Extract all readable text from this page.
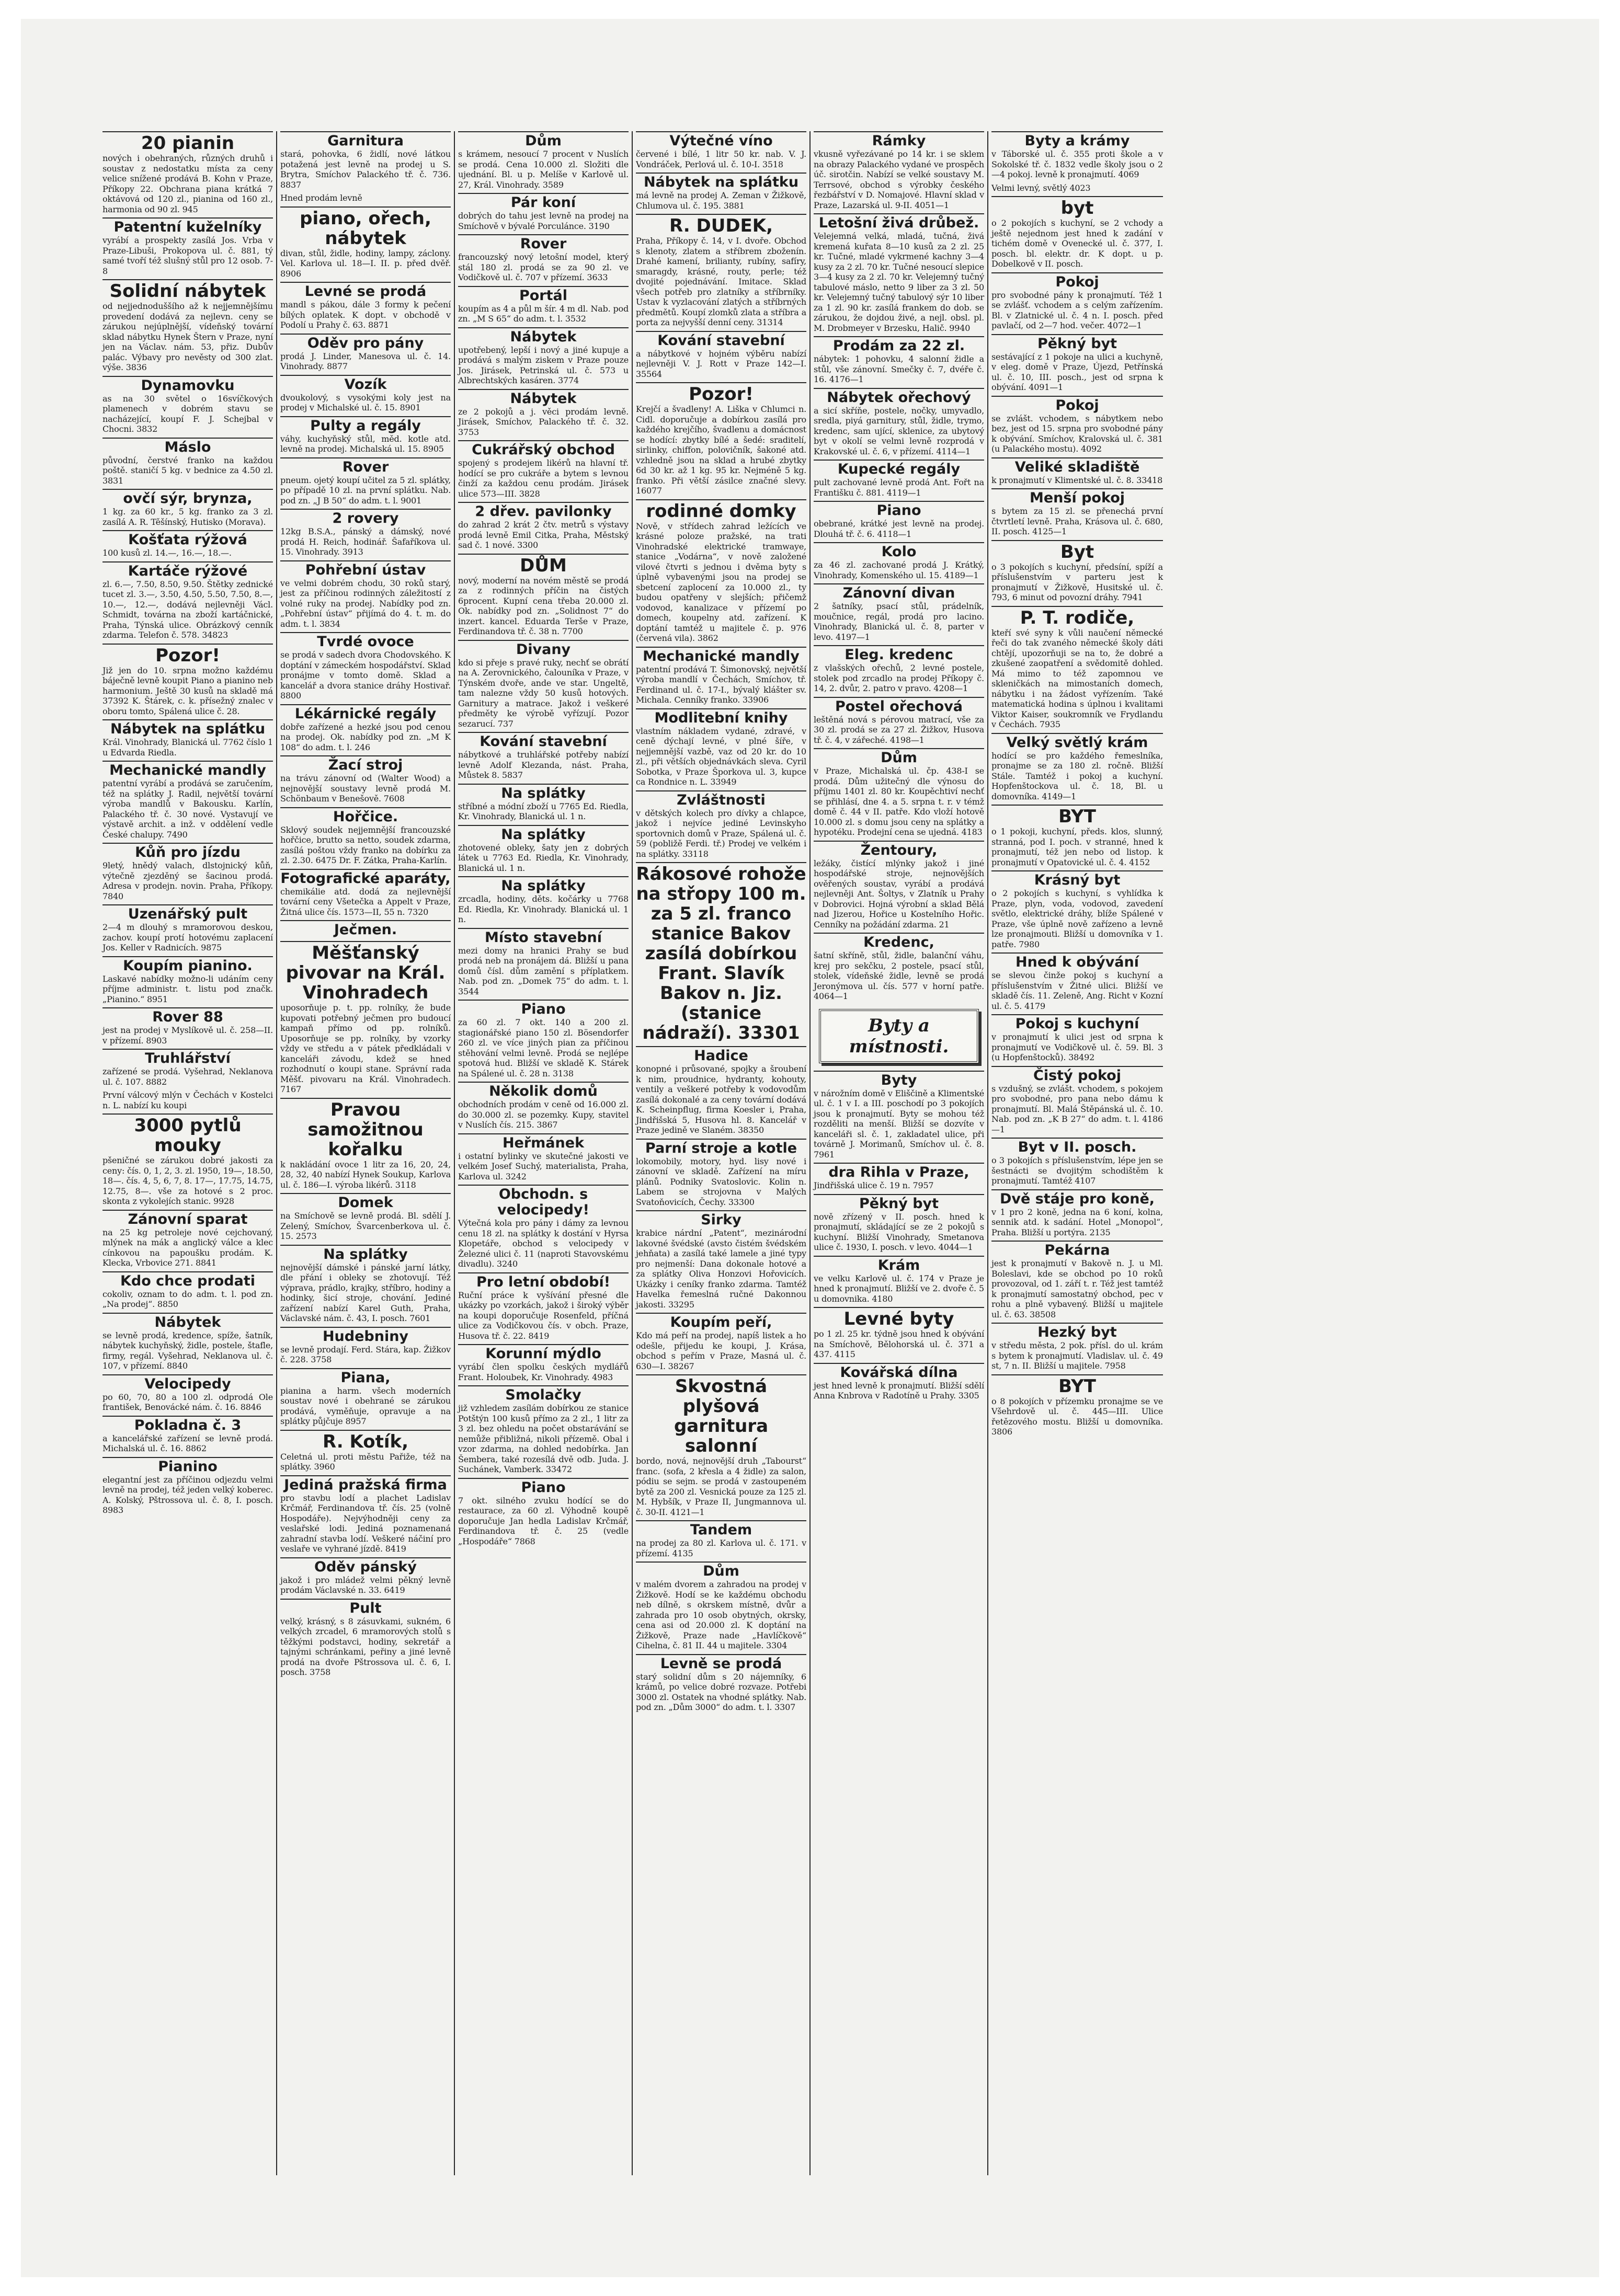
20 pianin

nových i obehraných, různých druhů i soustav z nedostatku místa za ceny velice snížené prodává B. Kohn v Praze, Příkopy 22. Obchrana piana krátká 7 oktávová od 120 zl., pianina od 160 zl., harmonia od 90 zl. 945

Patentní kuželníky

vyrábí a prospekty zasílá Jos. Vrba v Praze-Libuši, Prokopova ul. č. 881, tý samé tvoří též slušný stůl pro 12 osob. 7-8

Solidní nábytek

od nejjednoduššího až k nejjemnějšímu provedení dodává za nejlevn. ceny se zárukou nejúplnější, vídeňský tovární sklad nábytku Hynek Štern v Praze, nyní jen na Václav. nám. 53, přiz. Dubův palác. Výbavy pro nevěsty od 300 zlat. výše. 3836

Dynamovku

as na 30 světel o 16svíčkových plamenech v dobrém stavu se nacházející, koupí F. J. Schejbal v Chocni. 3832

Máslo

původní, čerstvé franko na každou poště. staničí 5 kg. v bednice za 4.50 zl. 3831

ovčí sýr, brynza,

1 kg. za 60 kr., 5 kg. franko za 3 zl. zasílá A. R. Těšínský, Hutisko (Morava).

Košťata rýžová

100 kusů zl. 14.—, 16.—, 18.—.

Kartáče rýžové

zl. 6.—, 7.50, 8.50, 9.50. Štětky zednické tucet zl. 3.—, 3.50, 4.50, 5.50, 7.50, 8.—, 10.—, 12.—, dodává nejlevněji Václ. Schmidt, továrna na zboží kartáčnické, Praha, Týnská ulice. Obrázkový cenník zdarma. Telefon č. 578. 34823

Pozor!

Již jen do 10. srpna možno každému báječně levně koupit Piano a pianino neb harmonium. Ještě 30 kusů na skladě má 37392 K. Štárek, c. k. přísežný znalec v oboru tomto, Spálená ulice č. 28.

Nábytek na splátku

Král. Vinohrady, Blanická ul. 7762 číslo 1 u Edvarda Riedla.

Mechanické mandly

patentní vyrábí a prodává se zaručením, též na splátky J. Radil, největší tovární výroba mandlů v Bakousku. Karlín, Palackého tř. č. 30 nové. Vystavují ve výstavě archit. a inž. v oddělení vedle České chalupy. 7490

Kůň pro jízdu

9letý, hnědý valach, dlstojnický kůň, výtečně zjezděný se šacinou prodá. Adresa v prodejn. novin. Praha, Příkopy. 7840

Uzenářský pult

2—4 m dlouhý s mramorovou deskou, zachov. koupí protí hotovému zaplacení Jos. Keller v Radnicích. 9875

Koupím pianino.

Laskavé nabídky možno-li udáním ceny příjme administr. t. listu pod značk. „Pianino.“ 8951

Rover 88

jest na prodej v Myslíkově ul. č. 258—II. v přízemí. 8903

Truhlářství

zařízené se prodá. Vyšehrad, Neklanova ul. č. 107. 8882

První válcový mlýn v Čechách v Kostelci n. L. nabízí ku koupi

3000 pytlů mouky

pšeničné se zárukou dobré jakosti za ceny: čís. 0, 1, 2, 3. zl. 1950, 19—, 18.50, 18—. čís. 4, 5, 6, 7, 8. 17—, 17.75, 14.75, 12.75, 8—. vše za hotové s 2 proc. skonta z vykolejích stanic. 9928

Zánovní sparat

na 25 kg petroleje nové cejchovaný, mlýnek na mák a anglický válce a klec cínkovou na papoušku prodám. K. Klecka, Vrbovice 271. 8841

Kdo chce prodati

cokoliv, oznam to do adm. t. l. pod zn. „Na prodej“. 8850

Nábytek

se levně prodá, kredence, spíže, šatník, nábytek kuchyňský, židle, postele, štafle, firmy, regál. Vyšehrad, Neklanova ul. č. 107, v přízemí. 8840

Velocipedy

po 60, 70, 80 a 100 zl. odprodá Ole františek, Benovácké nám. č. 16. 8846

Pokladna č. 3

a kancelářské zařízení se levně prodá. Michalská ul. č. 16. 8862

Pianino

elegantní jest za příčinou odjezdu velmi levně na prodej, též jeden velký koberec. A. Kolský, Pštrossova ul. č. 8, I. posch. 8983

Garnitura

stará, pohovka, 6 židlí, nové látkou potažená jest levně na prodej u S. Brytra, Smíchov Palackého tř. č. 736. 8837

Hned prodám levně

piano, ořech, nábytek

divan, stůl, židle, hodiny, lampy, záclony. Vel. Karlova ul. 18—I. II. p. před dvěř. 8906

Levné se prodá

mandl s pákou, dále 3 formy k pečení bílých oplatek. K dopt. v obchodě v Podolí u Prahy č. 63. 8871

Oděv pro pány

prodá J. Linder, Manesova ul. č. 14. Vinohrady. 8877

Vozík

dvoukolový, s vysokými koly jest na prodej v Michalské ul. č. 15. 8901

Pulty a regály

váhy, kuchyňský stůl, měd. kotle atd. levně na prodej. Michalská ul. 15. 8905

Rover

pneum. ojetý koupí učitel za 5 zl. splátky, po případě 10 zl. na první splátku. Nab. pod zn. „J B 50“ do adm. t. l. 9001

2 rovery

12kg B.S.A., pánský a dámský, nové prodá H. Reich, hodinář. Šafaříkova ul. 15. Vinohrady. 3913

Pohřební ústav

ve velmi dobrém chodu, 30 roků starý, jest za příčinou rodinných záležitostí z volné ruky na prodej. Nabídky pod zn. „Pohřební ústav“ přijímá do 4. t. m. do adm. t. l. 3834

Tvrdé ovoce

se prodá v sadech dvora Chodovského. K doptání v zámeckém hospodářství. Sklad pronájme v tomto domě. Sklad a kancelář a dvora stanice dráhy Hostivař. 8800

Lékárnické regály

dobře zařízené a hezké jsou pod cenou na prodej. Ok. nabídky pod zn. „M K 108“ do adm. t. l. 246

Žací stroj

na trávu zánovní od (Walter Wood) a nejnovější soustavy levně prodá M. Schönbaum v Benešově. 7608

Hořčice.

Sklový soudek nejjemnější francouzské hořčice, brutto sa netto, soudek zdarma, zasílá poštou vždy franko na dobírku za zl. 2.30. 6475 Dr. F. Zátka, Praha-Karlín.

Fotografické aparáty,

chemikálie atd. dodá za nejlevnější tovární ceny Všetečka a Appelt v Praze, Žitná ulice čís. 1573—II, 55 n. 7320

Ječmen.
Měšťanský pivovar na Král. Vinohradech

uposorňuje p. t. pp. rolníky, že bude kupovati potřebný ječmen pro budoucí kampaň přímo od pp. rolníků. Uposorňuje se pp. rolníky, by vzorky vždy ve středu a v pátek předkládali v kanceláři závodu, kdež se hned rozhodnutí o koupi stane. Správní rada Měšť. pivovaru na Král. Vinohradech. 7167

Pravou samožitnou kořalku

k nakládání ovoce 1 litr za 16, 20, 24, 28, 32, 40 nabízí Hynek Soukup, Karlova ul. č. 186—I. výroba likérů. 3118

Domek

na Smíchově se levně prodá. Bl. sdělí J. Zelený, Smíchov, Švarcenberkova ul. č. 15. 2573

Na splátky

nejnovější dámské i pánské jarní látky, dle přání i obleky se zhotovují. Též výprava, prádlo, krajky, stříbro, hodiny a hodinky, šicí stroje, chování. Jediné zařízení nabízí Karel Guth, Praha, Václavské nám. č. 43, I. posch. 7601

Hudebniny

se levně prodají. Ferd. Stára, kap. Žižkov č. 228. 3758

Piana,

pianina a harm. všech moderních soustav nové i obehrané se zárukou prodává, vyměňuje, opravuje a na splátky půjčuje 8957

R. Kotík,

Celetná ul. proti městu Pařiže, též na splátky. 3960

Jediná pražská firma

pro stavbu lodí a plachet Ladislav Krčmář, Ferdinandova tř. čís. 25 (volně Hospodáře). Nejvýhodněji ceny za veslařské lodi. Jediná poznamenaná zahradní stavba lodí. Veškeré náčiní pro veslaře ve vyhrané jízdě. 8419

Oděv pánský

jakož i pro mládež velmi pěkný levně prodám Václavské n. 33. 6419

Pult

velký, krásný, s 8 zásuvkami, sukném, 6 velkých zrcadel, 6 mramorových stolů s těžkými podstavci, hodiny, sekretář a tajnými schránkami, peřiny a jiné levně prodá na dvoře Pštrossova ul. č. 6, I. posch. 3758

Dům

s krámem, nesoucí 7 procent v Nuslích se prodá. Cena 10.000 zl. Složiti dle ujednání. Bl. u p. Melíše v Karlově ul. 27, Král. Vinohrady. 3589

Pár koní

dobrých do tahu jest levně na prodej na Smíchově v bývalé Porculánce. 3190

Rover

francouzský nový letošní model, který stál 180 zl. prodá se za 90 zl. ve Vodičkově ul. č. 707 v přízemí. 3633

Portál

koupím as 4 a půl m šír. 4 m dl. Nab. pod zn. „M S 65“ do adm. t. l. 3532

Nábytek

upotřebený, lepší i nový a jiné kupuje a prodává s malým ziskem v Praze pouze Jos. Jirásek, Petrinská ul. č. 573 u Albrechtských kasáren. 3774

Nábytek

ze 2 pokojů a j. věci prodám levně. Jirásek, Smíchov, Palackého tř. č. 32. 3753

Cukrářský obchod

spojený s prodejem likérů na hlavní tř. hodící se pro cukráře a bytem s levnou činží za každou cenu prodám. Jirásek ulice 573—III. 3828

2 dřev. pavilonky

do zahrad 2 krát 2 čtv. metrů s výstavy prodá levně Emil Citka, Praha, Městský sad č. 1 nové. 3300

DŮM

nový, moderní na novém městě se prodá za z rodinných příčin na čistých 6procent. Kupní cena třeba 20.000 zl. Ok. nabídky pod zn. „Solidnost 7“ do inzert. kancel. Eduarda Terše v Praze, Ferdinandova tř. č. 38 n. 7700

Divany

kdo si přeje s pravé ruky, nechť se obrátí na A. Zerovnického, čalouníka v Praze, v Týnském dvoře, ande ve star. Ungeltě, tam nalezne vždy 50 kusů hotových. Garnitury a matrace. Jakož i veškeré předměty ke výrobě vyřízují. Pozor sezarucí. 737

Kování stavební

nábytkové a truhlářské potřeby nabízí levně Adolf Klezanda, nást. Praha, Můstek 8. 5837

Na splátky

stříbné a módní zboží u 7765 Ed. Riedla, Kr. Vinohrady, Blanická ul. 1 n.

Na splátky

zhotovené obleky, šaty jen z dobrých látek u 7763 Ed. Riedla, Kr. Vinohrady, Blanická ul. 1 n.

Na splátky

zrcadla, hodiny, děts. kočárky u 7768 Ed. Riedla, Kr. Vinohrady. Blanická ul. 1 n.

Místo stavební

mezi domy na hranici Prahy se bud prodá neb na pronájem dá. Bližší u pana domů čísl. dům zamění s příplatkem. Nab. pod zn. „Domek 75“ do adm. t. l. 3544

Piano

za 60 zl. 7 okt. 140 a 200 zl. stagionářské piano 150 zl. Bösendorfer 260 zl. ve více jiných pian za příčinou stěhování velmi levně. Prodá se nejlépe spotová hud. Bližší ve skladě K. Stárek na Spálené ul. č. 28 n. 3138

Několik domů

obchodních prodám v ceně od 16.000 zl. do 30.000 zl. se pozemky. Kupy, stavitel v Nuslích čís. 215. 3867

Heřmánek

i ostatní bylinky ve skutečné jakosti ve velkém Josef Suchý, materialista, Praha, Karlova ul. 3242

Obchodn. s velocipedy!

Výtečná kola pro pány i dámy za levnou cenu 18 zl. na splátky k dostání v Hyrsa Klopetáře, obchod s velocipedy v Železné ulici č. 11 (naproti Stavovskému divadlu). 3240

Pro letní období!

Ruční práce k vyšívání přesné dle ukázky po vzorkách, jakož i široký výběr na koupi doporučuje Rosenfeld, příčná ulice za Vodičkovou čís. v obch. Praze, Husova tř. č. 22. 8419

Korunní mýdlo

vyrábí člen spolku českých mydlářů Frant. Holoubek, Kr. Vinohrady. 4983

Smolačky

již vzhledem zasílám dobírkou ze stanice Potštýn 100 kusů přímo za 2 zl., 1 litr za 3 zl. bez ohledu na počet obstarávání se nemůže přibližná, nikoli přízemě. Obal i vzor zdarma, na dohled nedobírka. Jan Šembera, také rozesílá dvě odb. Juda. J. Suchánek, Vamberk. 33472

Piano

7 okt. silného zvuku hodící se do restaurace, za 60 zl. Výhodně koupě doporučuje Jan hedla Ladislav Krčmář, Ferdinandova tř. č. 25 (vedle „Hospodáře“ 7868

Výtečné víno

červené i bílé, 1 litr 50 kr. nab. V. J. Vondráček, Perlová ul. č. 10-I. 3518

Nábytek na splátku

má levně na prodej A. Zeman v Žižkově, Chlumova ul. č. 195. 3881

R. DUDEK,

Praha, Příkopy č. 14, v I. dvoře. Obchod s klenoty, zlatem a stříbrem zboženín. Drahé kamení, brilianty, rubíny, safíry, smaragdy, krásné, routy, perle; též dvojité pojednávání. Imitace. Sklad všech potřeb pro zlatníky a stříbrníky. Ustav k vyzlacování zlatých a stříbrných předmětů. Koupí zlomků zlata a stříbra a porta za nejvyšší denní ceny. 31314

Kování stavební

a nábytkové v hojném výběru nabízí nejlevněji V. J. Rott v Praze 142—I. 35564

Pozor!

Krejčí a švadleny! A. Liška v Chlumci n. Cidl. doporučuje a dobírkou zasílá pro každého krejčího, švadlenu a domácnost se hodící: zbytky bílé a šedé: sraditelí, sirlinky, chiffon, polovičník, šakoné atd. vzhledně jsou na sklad a hrubé zbytky 6d 30 kr. až 1 kg. 95 kr. Nejméně 5 kg. franko. Při větší zásilce značné slevy. 16077

rodinné domky

Nově, v střídech zahrad ležících ve krásné poloze pražské, na trati Vinohradské elektrické tramwaye, stanice „Vodárna“, v nově založené vilové čtvrti s jednou i dvěma byty s úplně vybavenými jsou na prodej se sbetcení zaplocení za 10.000 zl., ty budou opatřeny v slejších; přičemž vodovod, kanalizace v přízemí po domech, koupelny atd. zařízení. K doptání tamtéž u majitele č. p. 976 (červená vila). 3862

Mechanické mandly

patentní prodává T. Šimonovský, největší výroba mandlí v Čechách, Smíchov, tř. Ferdinand ul. č. 17-I., bývalý klášter sv. Michala. Cenníky franko. 33906

Modlitební knihy

vlastním nákladem vydané, zdravé, v ceně dýchají levné, v plné šíře, v nejjemnější vazbě, vaz od 20 kr. do 10 zl., při větších objednávkách sleva. Cyril Sobotka, v Praze Šporkova ul. 3, kupce ca Rondnice n. L. 33949

Zvláštnosti

v dětských kolech pro dívky a chlapce, jakož i nejvíce jediné Levinskyho sportovnich domů v Praze, Spálená ul. č. 59 (pobližě Ferdi. tř.) Prodej ve velkém i na splátky. 33118

Rákosové rohože na střopy 100 m. za 5 zl. franco stanice Bakov zasílá dobírkou Frant. Slavík Bakov n. Jiz. (stanice nádraží). 33301
Hadice

konopné i průsované, spojky a šroubení k nim, proudnice, hydranty, kohouty, ventily a veškeré potřeby k vodovodům zasílá dokonalé a za ceny tovární dodává K. Scheinpflug, firma Koesler i, Praha, Jindřišská 5, Husova hl. 8. Kancelář v Praze jedině ve Slaném. 38350

Parní stroje a kotle

lokomobily, motory, hyd. lisy nové i zánovní ve skladě. Zařízení na míru plánů. Podniky Svatoslovic. Kolin n. Labem se strojovna v Malých Svatoňovicích, Čechy. 33300

Sirky

krabice nárdní „Patent“, mezinárodní lakovné švédské (avsto čistém švédském jehňata) a zasílá také lamele a jiné typy pro nejmenší: Dana dokonale hotové a za splátky Oliva Honzovi Hořovicích. Ukázky i ceníky franko zdarma. Tamtéž Havelka řemeslná ručné Dakonnou jakosti. 33295

Koupím peří,

Kdo má peří na prodej, napíš listek a ho odešle, přijedu ke koupi, J. Krása, obchod s peřím v Praze, Masná ul. č. 630—I. 38267

Skvostná plyšová garnitura salonní

bordo, nová, nejnovější druh „Tabourst“ franc. (sofa, 2 křesla a 4 židle) za salon, pódiu se sejm. se prodá v zastoupeném bytě za 200 zl. Vesnická pouze za 125 zl. M. Hybšík, v Praze II, Jungmannova ul. č. 30-II. 4121—1

Tandem

na prodej za 80 zl. Karlova ul. č. 171. v přízemí. 4135

Dům

v malém dvorem a zahradou na prodej v Žižkově. Hodí se ke každému obchodu neb dílně, s okrskem místně, dvůr a zahrada pro 10 osob obytných, okrsky, cena asi od 20.000 zl. K doptání na Žižkově, Praze nade „Havlíčkově“ Cihelna, č. 81 II. 44 u majitele. 3304

Levně se prodá

starý solidní dům s 20 nájemníky, 6 krámů, po velice dobré rozvaze. Potřebi 3000 zl. Ostatek na vhodné splátky. Nab. pod zn. „Dům 3000“ do adm. t. l. 3307

Rámky

vkusně vyřezávané po 14 kr. i se sklem na obrazy Palackého vydané ve prospěch úč. sirotčin. Nabízí se velké soustavy M. Terrsové, obchod s výrobky českého řezbářství v D. Nomajové. Hlavní sklad v Praze, Lazarská ul. 9-II. 4051—1

Letošní živá drůbež.

Velejemná velká, mladá, tučná, živá kremená kuřata 8—10 kusů za 2 zl. 25 kr. Tučné, mladé vykrmené kachny 3—4 kusy za 2 zl. 70 kr. Tučné nesoucí slepice 3—4 kusy za 2 zl. 70 kr. Velejemný tučný tabulové máslo, netto 9 liber za 3 zl. 50 kr. Velejemný tučný tabulový sýr 10 liber za 1 zl. 90 kr. zasílá frankem do dob. se zárukou, že dojdou živé, a nejl. obsl. pl. M. Drobmeyer v Brzesku, Halič. 9940

Prodám za 22 zl.

nábytek: 1 pohovku, 4 salonní židle a stůl, vše zánovní. Smečky č. 7, dvéře č. 16. 4176—1

Nábytek ořechový

a sicí skříňe, postele, nočky, umyvadlo, sredla, piyá garnitury, stůl, židle, trymo, kredenc, sam ující, sklenice, za ubytový byt v okolí se velmi levně rozprodá v Krakovské ul. č. 6, v přízemí. 4114—1

Kupecké regály

pult zachované levně prodá Ant. Fořt na Františku č. 881. 4119—1

Piano

obebrané, krátké jest levně na prodej. Dlouhá tř. č. 6. 4118—1

Kolo

za 46 zl. zachované prodá J. Krátký, Vinohrady, Komenského ul. 15. 4189—1

Zánovní divan

2 šatníky, psací stůl, prádelník, moučnice, regál, prodá pro lacino. Vinohrady, Blanická ul. č. 8, parter v levo. 4197—1

Eleg. kredenc

z vlašských ořechů, 2 levné postele, stolek pod zrcadlo na prodej Příkopy č. 14, 2. dvůr, 2. patro v pravo. 4208—1

Postel ořechová

leštěná nová s pérovou matrací, vše za 30 zl. prodá se za 27 zl. Žižkov, Husova tř. č. 4, v zářeché. 4198—1

Dům

v Praze, Michalská ul. čp. 438-I se prodá. Dům užitečný dle výnosu do příjmu 1401 zl. 80 kr. Koupěchtiví nechť se přihlásí, dne 4. a 5. srpna t. r. v témž domě č. 44 v II. patře. Kdo vloží hotově 10.000 zl. s domu jsou ceny na splátky a hypotéku. Prodejní cena se ujedná. 4183

Žentoury,

ležáky, čistící mlýnky jakož i jiné hospodářské stroje, nejnovějších ověřených soustav, vyrábí a prodává nejlevněji Ant. Šoltys, v Zlatník u Prahy v Dobrovici. Hojná výrobní a sklad Bělá nad Jizerou, Hořice u Kostelního Hořic. Cenníky na požádání zdarma. 21

Kredenc,

šatní skříně, stůl, židle, balanční váhu, krej pro sekčku, 2 postele, psací stůl, stolek, vídeňské židle, levně se prodá Jeronýmova ul. čís. 577 v horní patře. 4064—1

Byty a místnosti.
Byty

v nárožním domě v Eliščině a Klimentské ul. č. 1 v I. a III. poschodí po 3 pokojích jsou k pronajmutí. Byty se mohou též rozděliti na menší. Bližší se dozvíte v kanceláři sl. č. 1, zakladatel ulice, při továrně J. Morimanů, Smíchov ul. č. 8. 7961

dra Rihla v Praze,

Jindřišská ulice č. 19 n. 7957

Pěkný byt

nově zřízený v II. posch. hned k pronajmutí, skládající se ze 2 pokojů s kuchyní. Bližší Vinohrady, Smetanova ulice č. 1930, I. posch. v levo. 4044—1

Krám

ve velku Karlově ul. č. 174 v Praze je hned k pronajmutí. Bližší ve 2. dvoře č. 5 u domovnika. 4180

Levné byty

po 1 zl. 25 kr. týdně jsou hned k obývání na Smíchově, Bělohorská ul. č. 371 a 437. 4115

Kovářská dílna

jest hned levně k pronajmutí. Bližší sdělí Anna Knbrova v Radotíně u Prahy. 3305

Byty a krámy

v Táborské ul. č. 355 proti škole a v Sokolské tř. č. 1832 vedle školy jsou o 2—4 pokoj. levně k pronajmutí. 4069

Velmi levný, světlý 4023

byt

o 2 pokojích s kuchyní, se 2 vchody a ještě nejednom jest hned k zadání v tichém domě v Ovenecké ul. č. 377, I. posch. bl. elektr. dr. K dopt. u p. Dobelkově v II. posch.

Pokoj

pro svobodné pány k pronajmutí. Též 1 se zvlášť. vchodem a s celým zařízením. Bl. v Zlatnické ul. č. 4 n. I. posch. před pavlačí, od 2—7 hod. večer. 4072—1

Pěkný byt

sestávající z 1 pokoje na ulici a kuchyně, v eleg. domě v Praze, Újezd, Petřínská ul. č. 10, III. posch., jest od srpna k obývání. 4091—1

Pokoj

se zvlášt. vchodem, s nábytkem nebo bez, jest od 15. srpna pro svobodné pány k obývání. Smíchov, Kralovská ul. č. 381 (u Palackého mostu). 4092

Veliké skladiště

k pronajmutí v Klimentské ul. č. 8. 33418

Menší pokoj

s bytem za 15 zl. se přenechá první čtvrtletí levně. Praha, Krásova ul. č. 680, II. posch. 4125—1

Byt

o 3 pokojích s kuchyní, předsíní, spíží a příslušenstvím v parteru jest k pronajmutí v Žižkově, Husitské ul. č. 793, 6 minut od povozní dráhy. 7941

P. T. rodiče,

kteří své syny k vůli naučení německé řeči do tak zvaného německé školy dáti chtějí, upozorňuji se na to, že dobré a zkušené zaopatření a svědomitě dohled. Má mimo to též zapomnou ve skleničkách na mimostaních domech, nábytku i na žádost vyřízením. Také matematická hodina s úplnou i kvalitami Viktor Kaiser, soukromník ve Frydlandu v Čechách. 7935

Velký světlý krám

hodící se pro každého řemeslníka, pronajme se za 180 zl. ročně. Bližší Stále. Tamtéž i pokoj a kuchyní. Hopfenštockova ul. č. 18, Bl. u domovníka. 4149—1

BYT

o 1 pokoji, kuchyní, předs. klos, slunný, stranná, pod I. poch. v stranné, hned k pronajmutí, též jen nebo od listop. k pronajmutí v Opatovické ul. č. 4. 4152

Krásný byt

o 2 pokojích s kuchyní, s vyhlídka k Praze, plyn, voda, vodovod, zavedení světlo, elektrické dráhy, blíže Spálené v Praze, vše úplně nově zařízeno a levně lze pronajmouti. Bližší u domovníka v 1. patře. 7980

Hned k obývání

se slevou činže pokoj s kuchyní a příslušenstvím v Žitné ulici. Bližší ve skladě čís. 11. Zeleně, Ang. Richt v Kozní ul. č. 5. 4179

Pokoj s kuchyní

v pronajmutí k ulici jest od srpna k pronajmutí ve Vodičkově ul. č. 59. Bl. 3 (u Hopfenštocků). 38492

Čistý pokoj

s vzdušný, se zvlášt. vchodem, s pokojem pro svobodné, pro pana nebo dámu k pronajmutí. Bl. Malá Štěpánská ul. č. 10. Nab. pod zn. „K B 27“ do adm. t. l. 4186—1

Byt v II. posch.

o 3 pokojích s příslušenstvím, lépe jen se šestnácti se dvojitým schodištěm k pronajmutí. Tamtéž 4107

Dvě stáje pro koně,

v 1 pro 2 koně, jedna na 6 koní, kolna, sennik atd. k sadání. Hotel „Monopol“, Praha. Bližší u portýra. 2135

Pekárna

jest k pronajmutí v Bakově n. J. u Ml. Boleslavi, kde se obchod po 10 roků provozoval, od 1. září t. r. Též jest tamtéž k pronajmutí samostatný obchod, pec v rohu a plně vybavený. Bližší u majitele ul. č. 63. 38508

Hezký byt

v středu města, 2 pok. přísl. do ul. krám s bytem k pronajmutí. Vladislav. ul. č. 49 st, 7 n. II. Bližší u majitele. 7958

BYT

o 8 pokojích v přízemku pronajme se ve Všehrdově ul. č. 445—III. Ulice řetězového mostu. Bližší u domovníka. 3806
